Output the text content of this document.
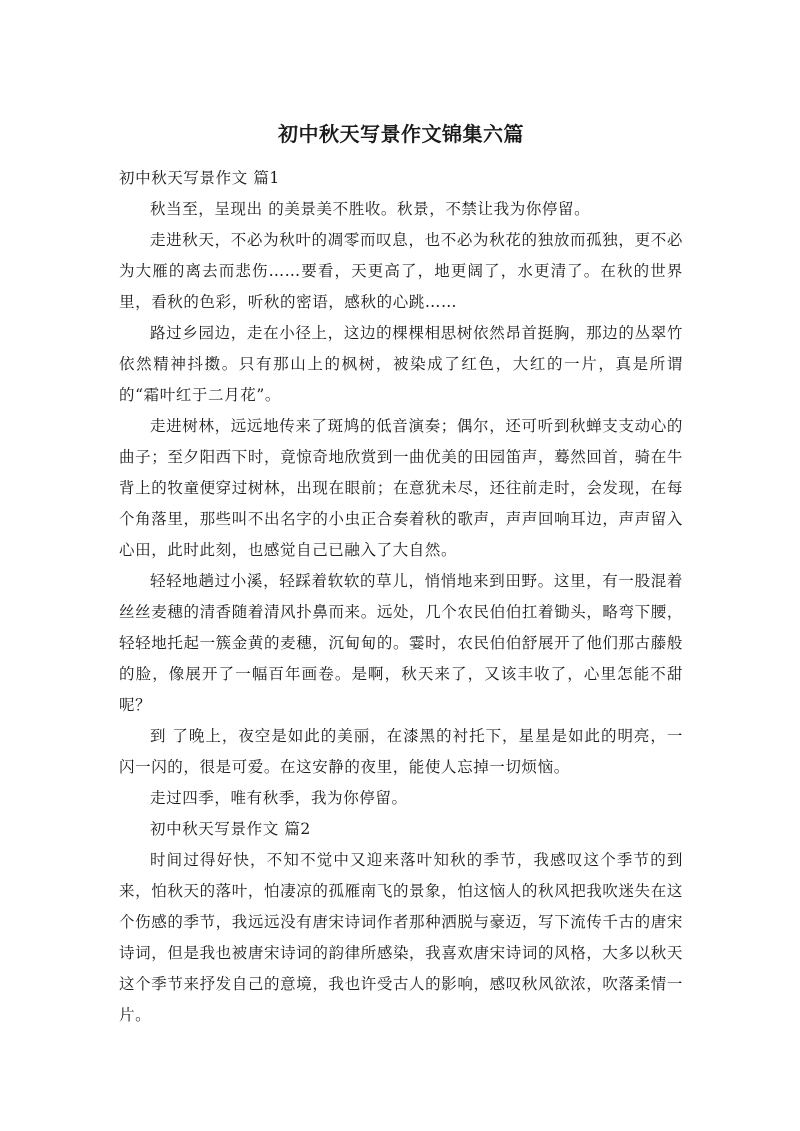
初中秋天写景作文锦集六篇

初中秋天写景作文 篇1

秋当至，呈现出 的美景美不胜收。秋景，不禁让我为你停留。

走进秋天，不必为秋叶的凋零而叹息，也不必为秋花的独放而孤独，更不必为大雁的离去而悲伤……要看，天更高了，地更阔了，水更清了。在秋的世界里，看秋的色彩，听秋的密语，感秋的心跳……

路过乡园边，走在小径上，这边的棵棵相思树依然昂首挺胸，那边的丛翠竹依然精神抖擞。只有那山上的枫树，被染成了红色，大红的一片，真是所谓的“霜叶红于二月花”。

走进树林，远远地传来了斑鸠的低音演奏；偶尔，还可听到秋蝉支支动心的曲子；至夕阳西下时，竟惊奇地欣赏到一曲优美的田园笛声，蓦然回首，骑在牛背上的牧童便穿过树林，出现在眼前；在意犹未尽，还往前走时，会发现，在每个角落里，那些叫不出名字的小虫正合奏着秋的歌声，声声回响耳边，声声留入心田，此时此刻，也感觉自己已融入了大自然。

轻轻地趟过小溪，轻踩着软软的草儿，悄悄地来到田野。这里，有一股混着丝丝麦穗的清香随着清风扑鼻而来。远处，几个农民伯伯扛着锄头，略弯下腰，轻轻地托起一簇金黄的麦穗，沉甸甸的。霎时，农民伯伯舒展开了他们那古藤般的脸，像展开了一幅百年画卷。是啊，秋天来了，又该丰收了，心里怎能不甜呢？

到 了晚上，夜空是如此的美丽，在漆黑的衬托下，星星是如此的明亮，一闪一闪的，很是可爱。在这安静的夜里，能使人忘掉一切烦恼。

走过四季，唯有秋季，我为你停留。

初中秋天写景作文 篇2

时间过得好快，不知不觉中又迎来落叶知秋的季节，我感叹这个季节的到来，怕秋天的落叶，怕凄凉的孤雁南飞的景象，怕这恼人的秋风把我吹迷失在这个伤感的季节，我远远没有唐宋诗词作者那种洒脱与豪迈，写下流传千古的唐宋诗词，但是我也被唐宋诗词的韵律所感染，我喜欢唐宋诗词的风格，大多以秋天这个季节来抒发自己的意境，我也许受古人的影响，感叹秋风欲浓，吹落柔情一片。
